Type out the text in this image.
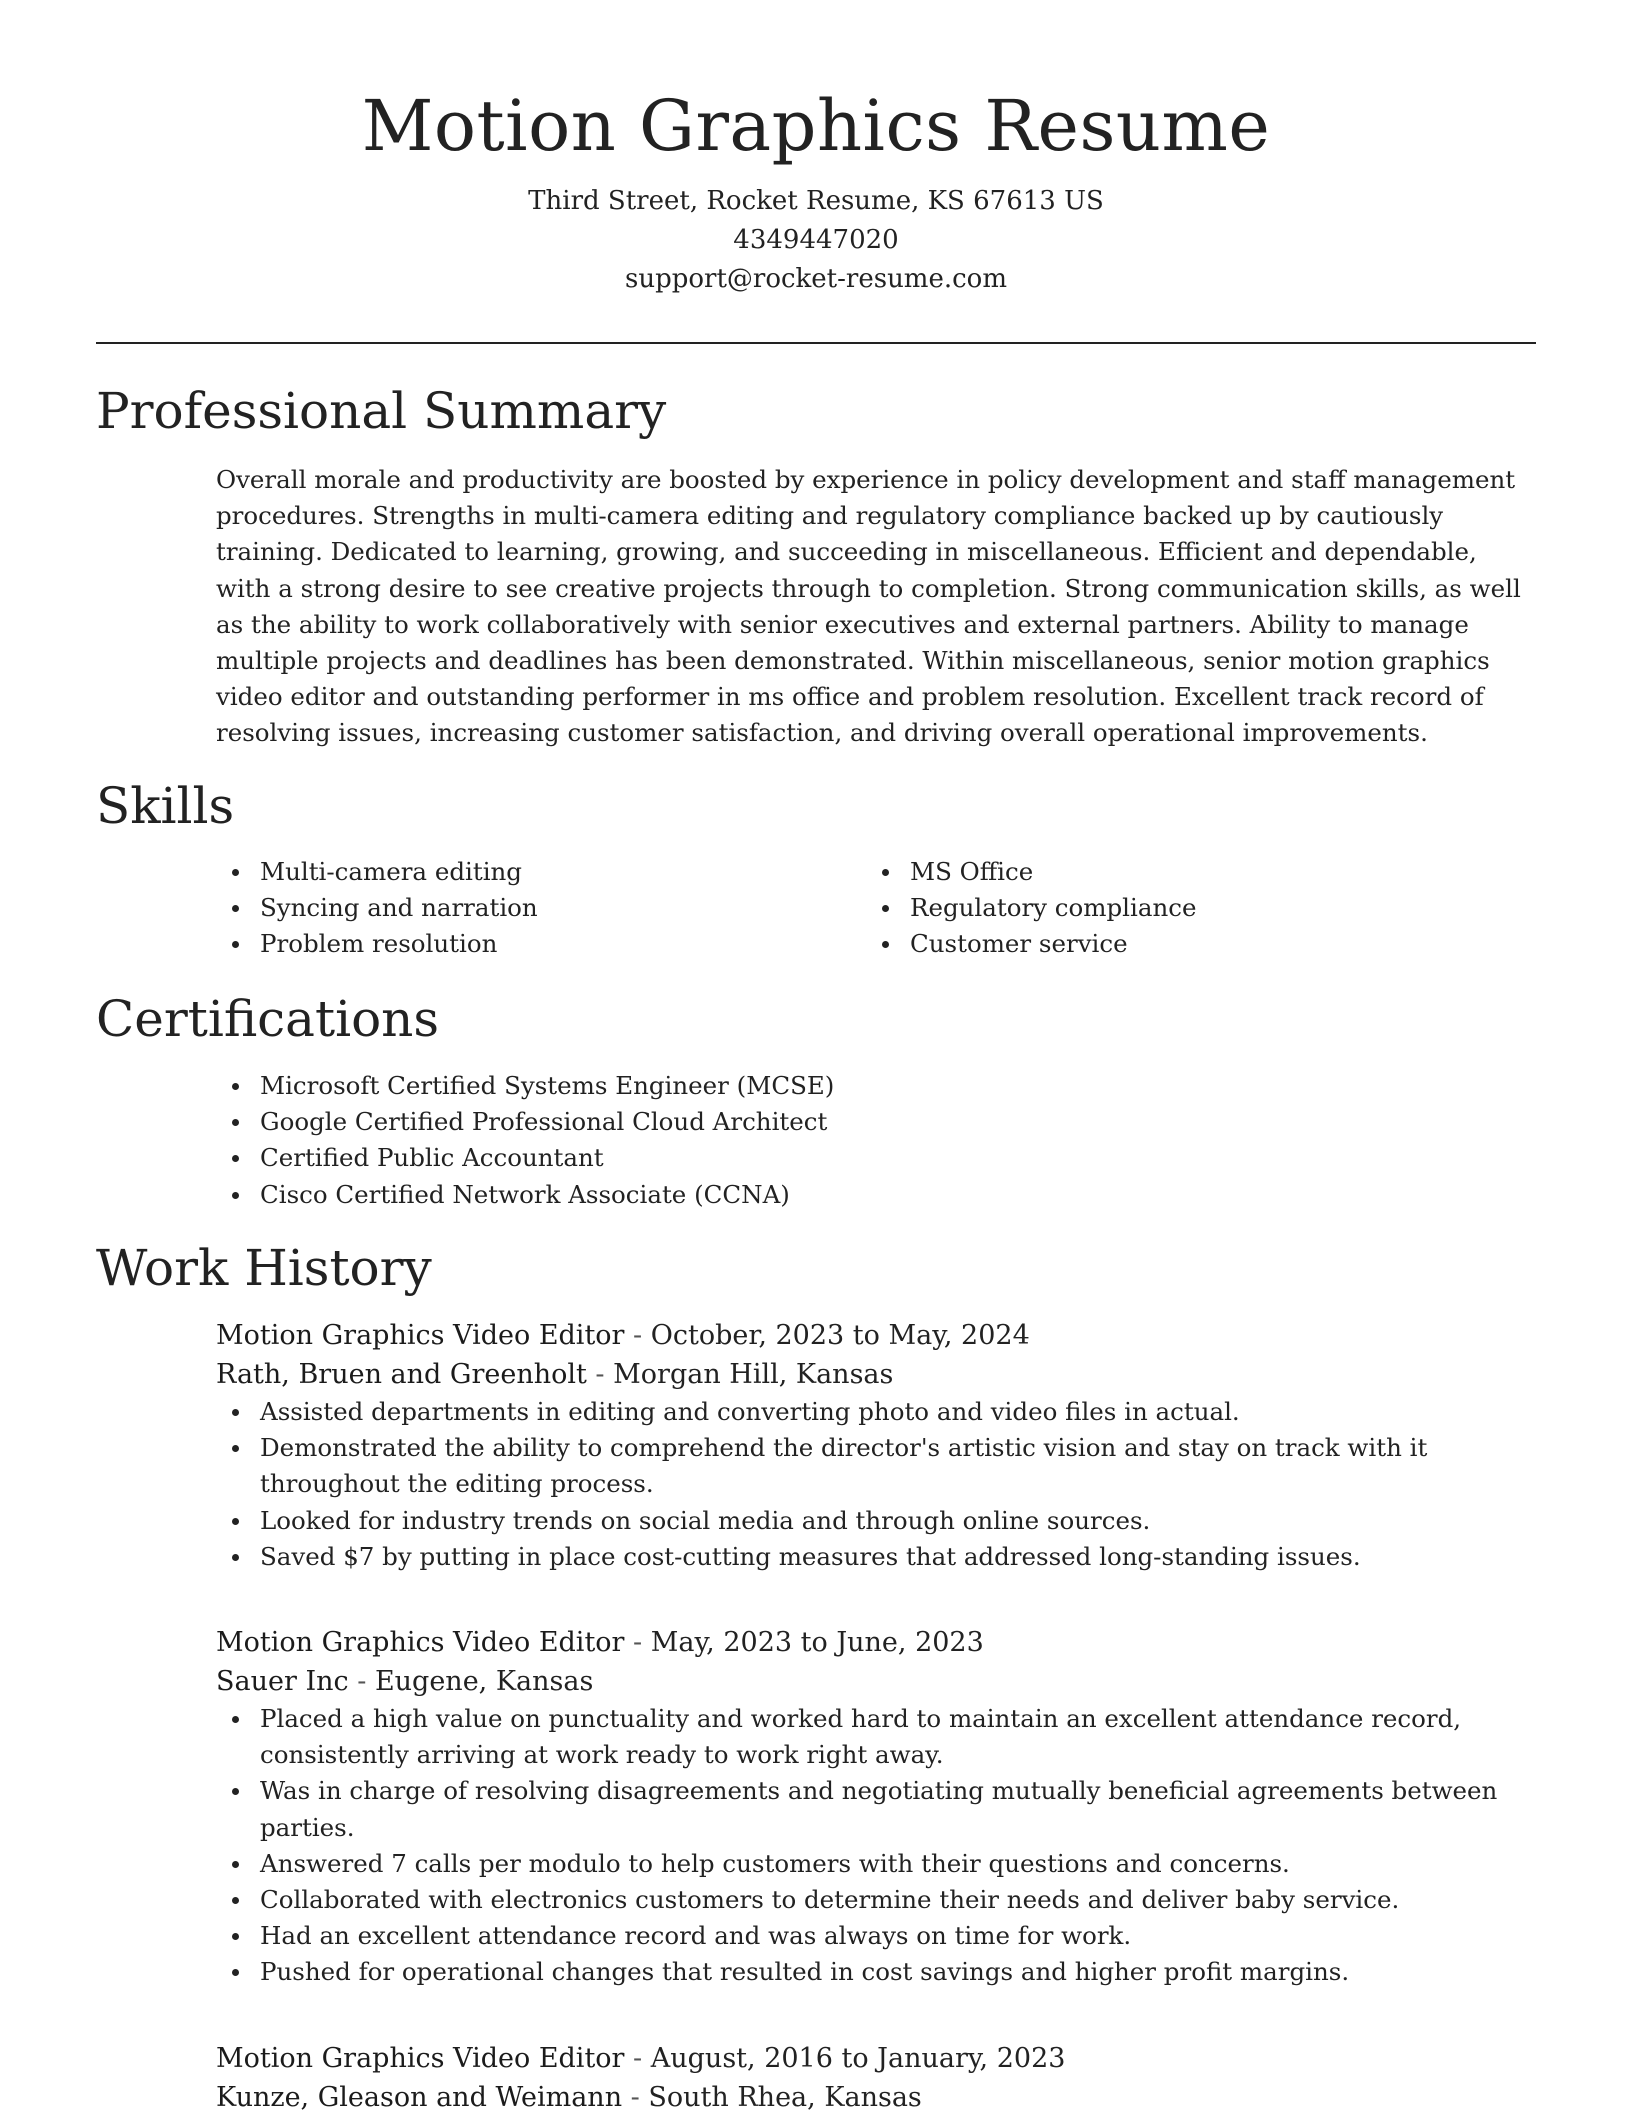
Motion Graphics Resume
Third Street, Rocket Resume, KS 67613 US
4349447020
support@rocket-resume.com
Professional Summary
Overall morale and productivity are boosted by experience in policy development and staff management procedures. Strengths in multi-camera editing and regulatory compliance backed up by cautiously training. Dedicated to learning, growing, and succeeding in miscellaneous. Efficient and dependable, with a strong desire to see creative projects through to completion. Strong communication skills, as well as the ability to work collaboratively with senior executives and external partners. Ability to manage multiple projects and deadlines has been demonstrated. Within miscellaneous, senior motion graphics video editor and outstanding performer in ms office and problem resolution. Excellent track record of resolving issues, increasing customer satisfaction, and driving overall operational improvements.
Skills
Multi-camera editing
Syncing and narration
Problem resolution
MS Office
Regulatory compliance
Customer service
Certifications
Microsoft Certified Systems Engineer (MCSE)
Google Certified Professional Cloud Architect
Certified Public Accountant
Cisco Certified Network Associate (CCNA)
Work History
Motion Graphics Video Editor - October, 2023 to May, 2024
Rath, Bruen and Greenholt - Morgan Hill, Kansas
Assisted departments in editing and converting photo and video files in actual.
Demonstrated the ability to comprehend the director's artistic vision and stay on track with it throughout the editing process.
Looked for industry trends on social media and through online sources.
Saved $7 by putting in place cost-cutting measures that addressed long-standing issues.
Motion Graphics Video Editor - May, 2023 to June, 2023
Sauer Inc - Eugene, Kansas
Placed a high value on punctuality and worked hard to maintain an excellent attendance record, consistently arriving at work ready to work right away.
Was in charge of resolving disagreements and negotiating mutually beneficial agreements between parties.
Answered 7 calls per modulo to help customers with their questions and concerns.
Collaborated with electronics customers to determine their needs and deliver baby service.
Had an excellent attendance record and was always on time for work.
Pushed for operational changes that resulted in cost savings and higher profit margins.
Motion Graphics Video Editor - August, 2016 to January, 2023
Kunze, Gleason and Weimann - South Rhea, Kansas
